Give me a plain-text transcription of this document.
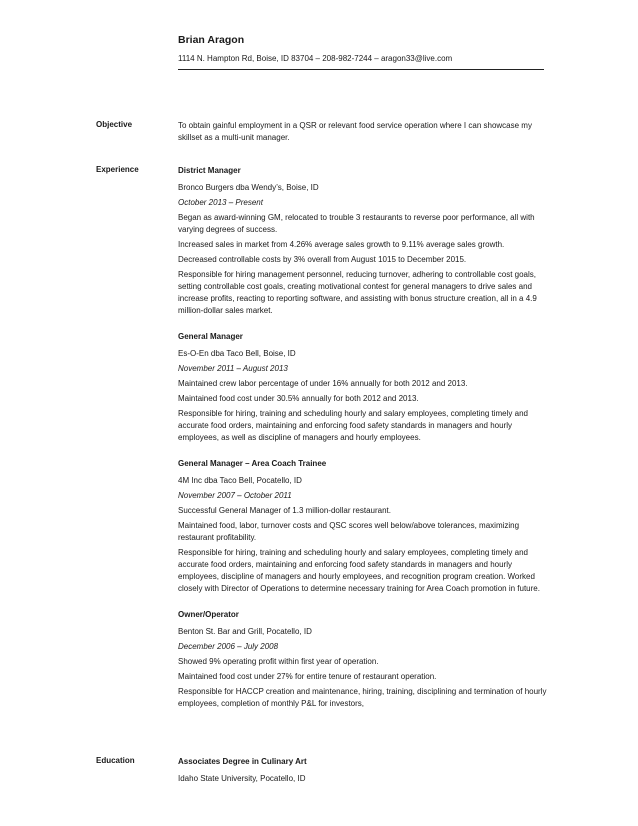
Brian Aragon
1114 N. Hampton Rd, Boise, ID 83704 – 208-982-7244 – aragon33@live.com
Objective	To obtain gainful employment in a QSR or relevant food service operation where I can showcase my skillset as a multi-unit manager.

Experience	District Manager

Bronco Burgers dba Wendy’s, Boise, ID

October 2013 – Present

Began as award-winning GM, relocated to trouble 3 restaurants to reverse poor performance, all with varying degrees of success.

Increased sales in market from 4.26% average sales growth to 9.11% average sales growth.

Decreased controllable costs by 3% overall from August 1015 to December 2015.

Responsible for hiring management personnel, reducing turnover, adhering to controllable cost goals, setting controllable cost goals, creating motivational contest for general managers to drive sales and increase profits, reacting to reporting software, and assisting with bonus structure creation, all in a 4.9 million-dollar sales market.

General Manager

Es-O-En dba Taco Bell, Boise, ID

November 2011 – August 2013

Maintained crew labor percentage of under 16% annually for both 2012 and 2013.

Maintained food cost under 30.5% annually for both 2012 and 2013.

Responsible for hiring, training and scheduling hourly and salary employees, completing timely and accurate food orders, maintaining and enforcing food safety standards in managers and hourly employees, as well as discipline of managers and hourly employees.

General Manager – Area Coach Trainee

4M Inc dba Taco Bell, Pocatello, ID

November 2007 – October 2011

Successful General Manager of 1.3 million-dollar restaurant.

Maintained food, labor, turnover costs and QSC scores well below/above tolerances, maximizing restaurant profitability.

Responsible for hiring, training and scheduling hourly and salary employees, completing timely and accurate food orders, maintaining and enforcing food safety standards in managers and hourly employees, discipline of managers and hourly employees, and recognition program creation. Worked closely with Director of Operations to determine necessary training for Area Coach promotion in future.

Owner/Operator

Benton St. Bar and Grill, Pocatello, ID

December 2006 – July 2008

Showed 9% operating profit within first year of operation.

Maintained food cost under 27% for entire tenure of restaurant operation.

Responsible for HACCP creation and maintenance, hiring, training, disciplining and termination of hourly employees, completion of monthly P&L for investors,

Education	Associates Degree in Culinary Art

Idaho State University, Pocatello, ID
